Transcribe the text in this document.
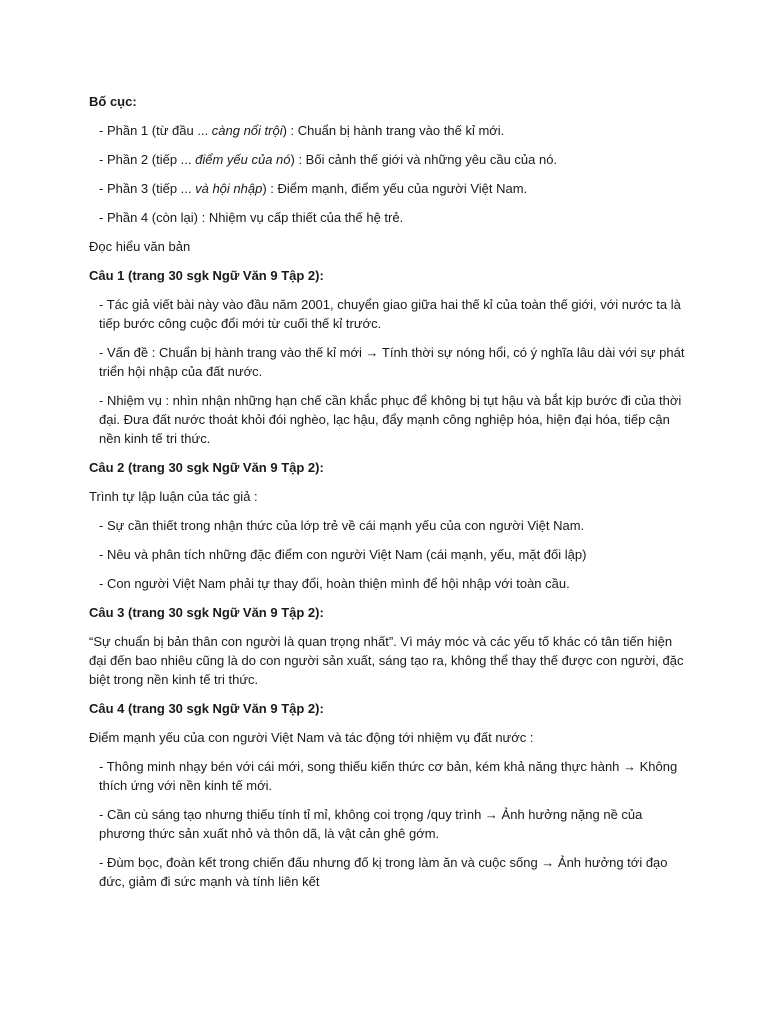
Bố cục:
- Phần 1 (từ đầu ... càng nổi trội) : Chuẩn bị hành trang vào thế kỉ mới.
- Phần 2 (tiếp ... điểm yếu của nó) : Bối cảnh thế giới và những yêu cầu của nó.
- Phần 3 (tiếp ... và hội nhập) : Điểm mạnh, điểm yếu của người Việt Nam.
- Phần 4 (còn lại) : Nhiệm vụ cấp thiết của thế hệ trẻ.
Đọc hiểu văn bản
Câu 1 (trang 30 sgk Ngữ Văn 9 Tập 2):
- Tác giả viết bài này vào đầu năm 2001, chuyển giao giữa hai thế kỉ của toàn thế giới, với nước ta là tiếp bước công cuộc đổi mới từ cuối thế kỉ trước.
- Vấn đề : Chuẩn bị hành trang vào thế kỉ mới → Tính thời sự nóng hổi, có ý nghĩa lâu dài với sự phát triển hội nhập của đất nước.
- Nhiệm vụ : nhìn nhận những hạn chế cần khắc phục để không bị tụt hậu và bắt kịp bước đi của thời đại. Đưa đất nước thoát khỏi đói nghèo, lạc hậu, đẩy mạnh công nghiệp hóa, hiện đại hóa, tiếp cận nền kinh tế tri thức.
Câu 2 (trang 30 sgk Ngữ Văn 9 Tập 2):
Trình tự lập luận của tác giả :
- Sự cần thiết trong nhận thức của lớp trẻ về cái mạnh yếu của con người Việt Nam.
- Nêu và phân tích những đặc điểm con người Việt Nam (cái mạnh, yếu, mặt đối lập)
- Con người Việt Nam phải tự thay đổi, hoàn thiện mình để hội nhập với toàn cầu.
Câu 3 (trang 30 sgk Ngữ Văn 9 Tập 2):
“Sự chuẩn bị bản thân con người là quan trọng nhất”. Vì máy móc và các yếu tố khác có tân tiến hiện đại đến bao nhiêu cũng là do con người sản xuất, sáng tạo ra, không thể thay thế được con người, đặc biệt trong nền kinh tế tri thức.
Câu 4 (trang 30 sgk Ngữ Văn 9 Tập 2):
Điểm mạnh yếu của con người Việt Nam và tác động tới nhiệm vụ đất nước :
- Thông minh nhạy bén với cái mới, song thiếu kiến thức cơ bản, kém khả năng thực hành → Không thích ứng với nền kinh tế mới.
- Cần cù sáng tạo nhưng thiếu tính tỉ mỉ, không coi trọng /quy trình → Ảnh hưởng nặng nề của phương thức sản xuất nhỏ và thôn dã, là vật cản ghê gớm.
- Đùm bọc, đoàn kết trong chiến đấu nhưng đố kị trong làm ăn và cuộc sống → Ảnh hưởng tới đạo đức, giảm đi sức mạnh và tính liên kết
